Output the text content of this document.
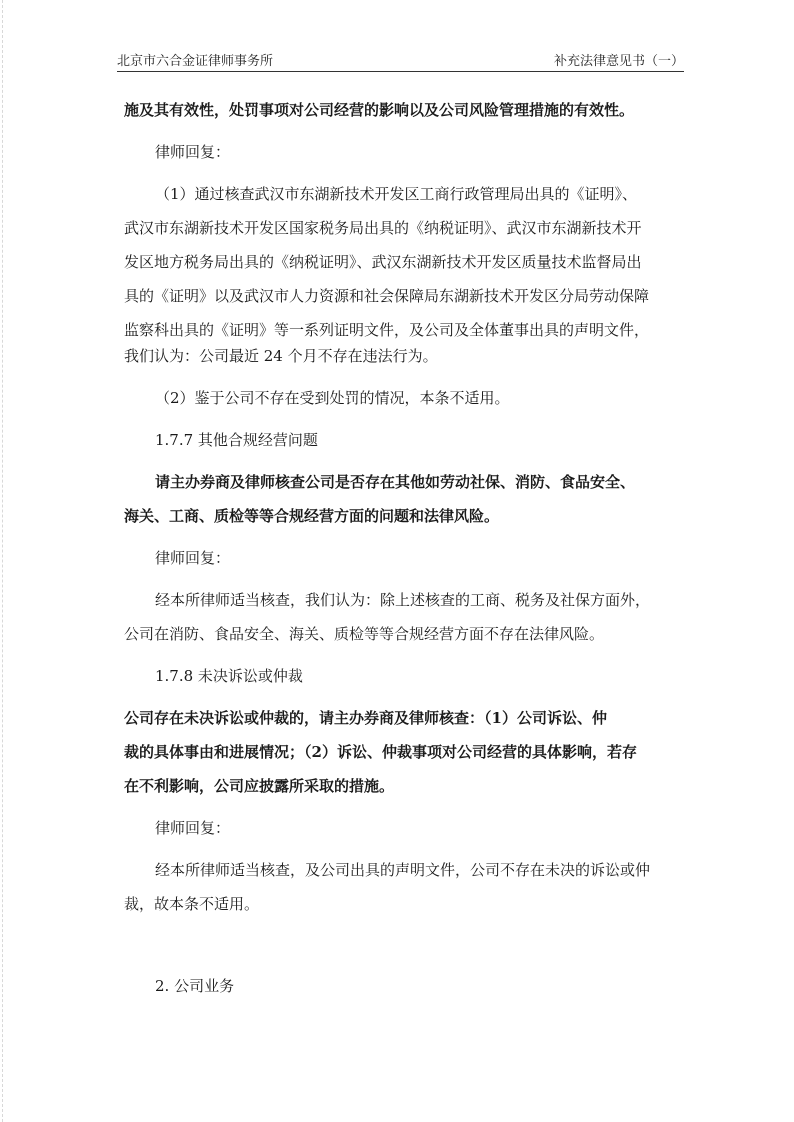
北京市六合金证律师事务所	补充法律意见书（一）

施及其有效性，处罚事项对公司经营的影响以及公司风险管理措施的有效性。

律师回复：

（1）通过核查武汉市东湖新技术开发区工商行政管理局出具的《证明》、

武汉市东湖新技术开发区国家税务局出具的《纳税证明》、武汉市东湖新技术开

发区地方税务局出具的《纳税证明》、武汉东湖新技术开发区质量技术监督局出

具的《证明》以及武汉市人力资源和社会保障局东湖新技术开发区分局劳动保障

监察科出具的《证明》等一系列证明文件，及公司及全体董事出具的声明文件，

我们认为：公司最近 24 个月不存在违法行为。

（2）鉴于公司不存在受到处罚的情况，本条不适用。

1.7.7 其他合规经营问题

请主办券商及律师核查公司是否存在其他如劳动社保、消防、食品安全、

海关、工商、质检等等合规经营方面的问题和法律风险。

律师回复：

经本所律师适当核查，我们认为：除上述核查的工商、税务及社保方面外，

公司在消防、食品安全、海关、质检等等合规经营方面不存在法律风险。

1.7.8 未决诉讼或仲裁

公司存在未决诉讼或仲裁的，请主办券商及律师核查：（1）公司诉讼、仲

裁的具体事由和进展情况；（2）诉讼、仲裁事项对公司经营的具体影响，若存

在不利影响，公司应披露所采取的措施。

律师回复：

经本所律师适当核查，及公司出具的声明文件，公司不存在未决的诉讼或仲

裁，故本条不适用。

2. 公司业务
